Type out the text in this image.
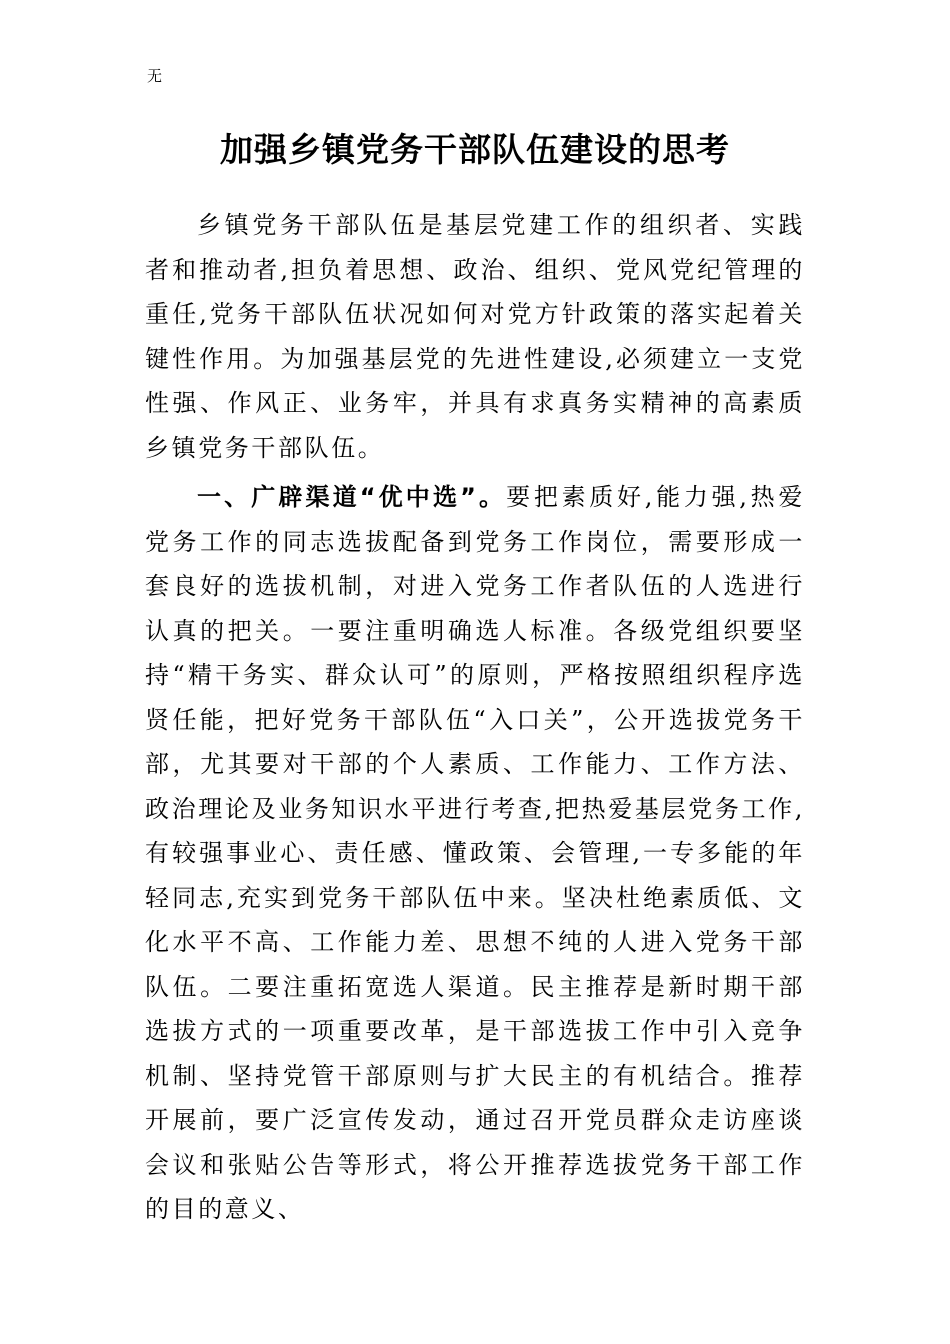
无
加强乡镇党务干部队伍建设的思考

乡镇党务干部队伍是基层党建工作的组织者、实践者和推动者,担负着思想、政治、组织、党风党纪管理的重任,党务干部队伍状况如何对党方针政策的落实起着关键性作用。为加强基层党的先进性建设,必须建立一支党性强、作风正、业务牢，并具有求真务实精神的高素质乡镇党务干部队伍。

一、广辟渠道“优中选”。要把素质好,能力强,热爱党务工作的同志选拔配备到党务工作岗位，需要形成一套良好的选拔机制，对进入党务工作者队伍的人选进行认真的把关。一要注重明确选人标准。各级党组织要坚持“精干务实、群众认可”的原则，严格按照组织程序选贤任能，把好党务干部队伍“入口关”，公开选拔党务干部，尤其要对干部的个人素质、工作能力、工作方法、政治理论及业务知识水平进行考查,把热爱基层党务工作,有较强事业心、责任感、懂政策、会管理,一专多能的年轻同志,充实到党务干部队伍中来。坚决杜绝素质低、文化水平不高、工作能力差、思想不纯的人进入党务干部队伍。二要注重拓宽选人渠道。民主推荐是新时期干部选拔方式的一项重要改革，是干部选拔工作中引入竞争机制、坚持党管干部原则与扩大民主的有机结合。推荐开展前，要广泛宣传发动，通过召开党员群众走访座谈会议和张贴公告等形式，将公开推荐选拔党务干部工作的目的意义、
